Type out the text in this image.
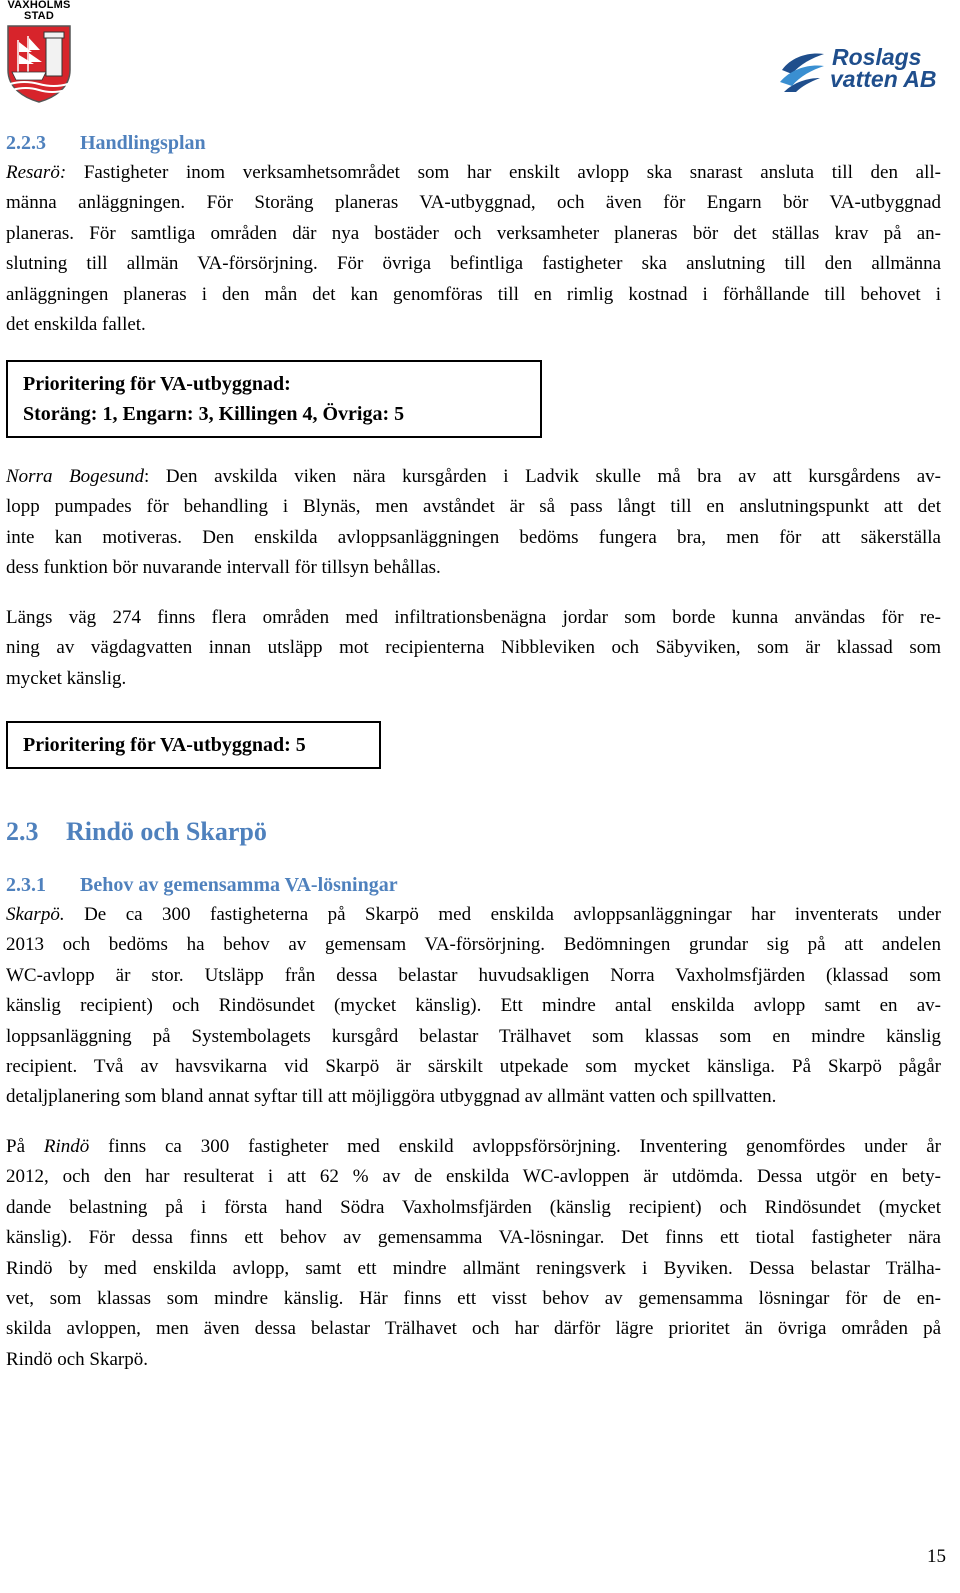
VAXHOLMS
STAD
Roslags
vatten AB
2.2.3 Handlingsplan
Resarö: Fastigheter inom verksamhetsområdet som har enskilt avlopp ska snarast ansluta till den all-
männa anläggningen. För Storäng planeras VA-utbyggnad, och även för Engarn bör VA-utbyggnad
planeras. För samtliga områden där nya bostäder och verksamheter planeras bör det ställas krav på an-
slutning till allmän VA-försörjning. För övriga befintliga fastigheter ska anslutning till den allmänna
anläggningen planeras i den mån det kan genomföras till en rimlig kostnad i förhållande till behovet i
det enskilda fallet.
Prioritering för VA-utbyggnad:
Storäng: 1, Engarn: 3, Killingen 4, Övriga: 5
Norra Bogesund: Den avskilda viken nära kursgården i Ladvik skulle må bra av att kursgårdens av-
lopp pumpades för behandling i Blynäs, men avståndet är så pass långt till en anslutningspunkt att det
inte kan motiveras. Den enskilda avloppsanläggningen bedöms fungera bra, men för att säkerställa
dess funktion bör nuvarande intervall för tillsyn behållas.
Längs väg 274 finns flera områden med infiltrationsbenägna jordar som borde kunna användas för re-
ning av vägdagvatten innan utsläpp mot recipienterna Nibbleviken och Säbyviken, som är klassad som
mycket känslig.
Prioritering för VA-utbyggnad: 5
2.3 Rindö och Skarpö
2.3.1 Behov av gemensamma VA-lösningar
Skarpö. De ca 300 fastigheterna på Skarpö med enskilda avloppsanläggningar har inventerats under
2013 och bedöms ha behov av gemensam VA-försörjning. Bedömningen grundar sig på att andelen
WC-avlopp är stor. Utsläpp från dessa belastar huvudsakligen Norra Vaxholmsfjärden (klassad som
känslig recipient) och Rindösundet (mycket känslig). Ett mindre antal enskilda avlopp samt en av-
loppsanläggning på Systembolagets kursgård belastar Trälhavet som klassas som en mindre känslig
recipient. Två av havsvikarna vid Skarpö är särskilt utpekade som mycket känsliga. På Skarpö pågår
detaljplanering som bland annat syftar till att möjliggöra utbyggnad av allmänt vatten och spillvatten.
På Rindö finns ca 300 fastigheter med enskild avloppsförsörjning. Inventering genomfördes under år
2012, och den har resulterat i att 62 % av de enskilda WC-avloppen är utdömda. Dessa utgör en bety-
dande belastning på i första hand Södra Vaxholmsfjärden (känslig recipient) och Rindösundet (mycket
känslig). För dessa finns ett behov av gemensamma VA-lösningar. Det finns ett tiotal fastigheter nära
Rindö by med enskilda avlopp, samt ett mindre allmänt reningsverk i Byviken. Dessa belastar Trälha-
vet, som klassas som mindre känslig. Här finns ett visst behov av gemensamma lösningar för de en-
skilda avloppen, men även dessa belastar Trälhavet och har därför lägre prioritet än övriga områden på
Rindö och Skarpö.
15
